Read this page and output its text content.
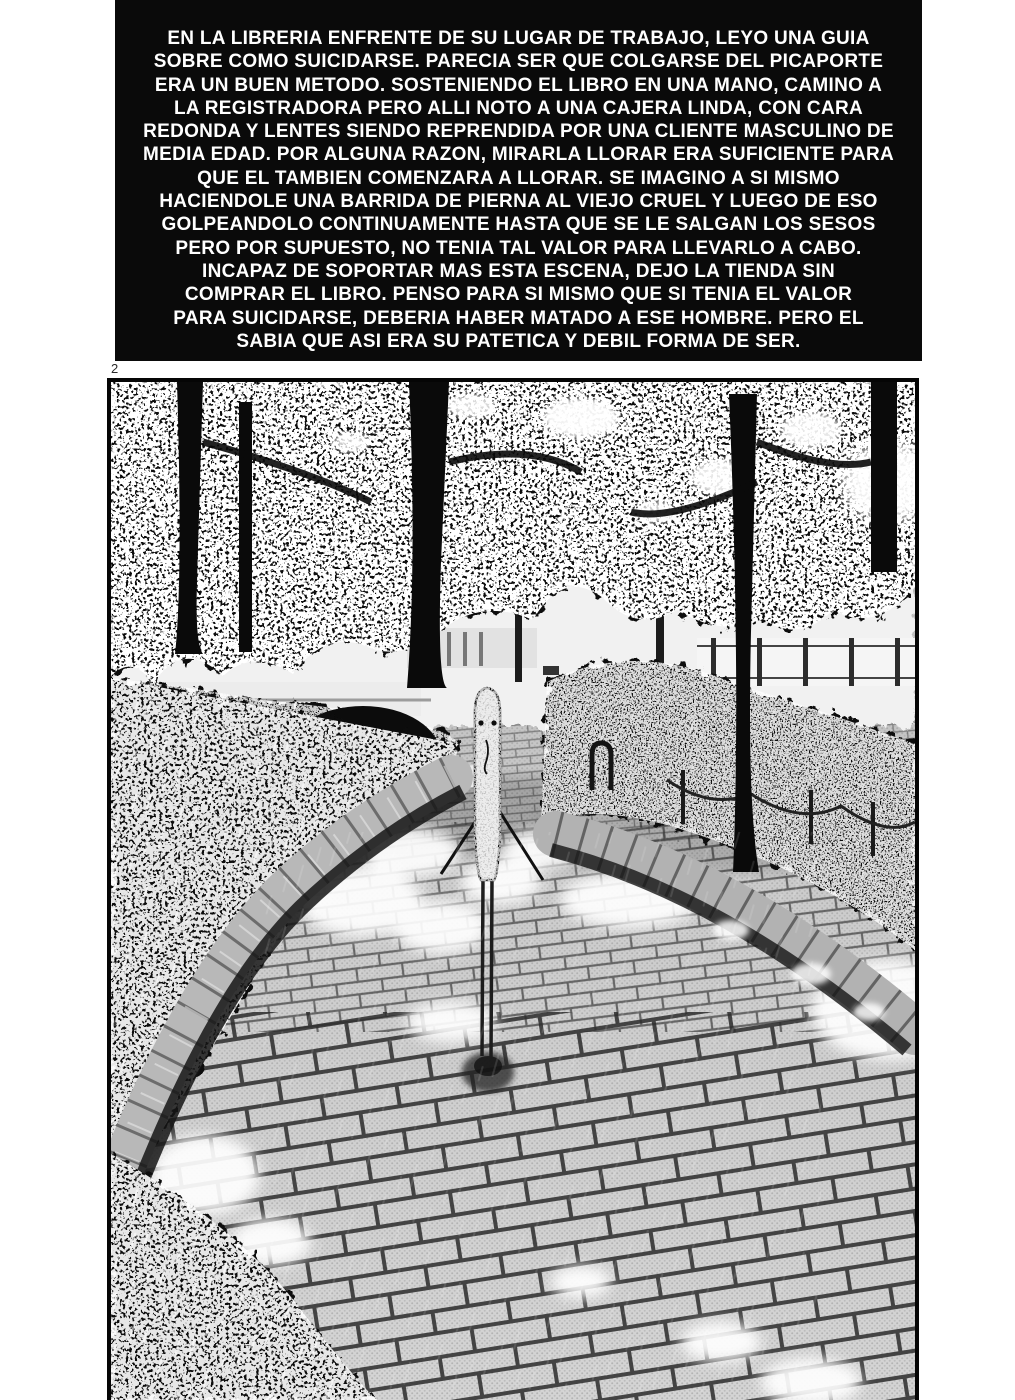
EN LA LIBRERIA ENFRENTE DE SU LUGAR DE TRABAJO, LEYO UNA GUIA
SOBRE COMO SUICIDARSE. PARECIA SER QUE COLGARSE DEL PICAPORTE
ERA UN BUEN METODO. SOSTENIENDO EL LIBRO EN UNA MANO, CAMINO A
LA REGISTRADORA PERO ALLI NOTO A UNA CAJERA LINDA, CON CARA
REDONDA Y LENTES SIENDO REPRENDIDA POR UNA CLIENTE MASCULINO DE
MEDIA EDAD. POR ALGUNA RAZON, MIRARLA LLORAR ERA SUFICIENTE PARA
QUE EL TAMBIEN COMENZARA A LLORAR. SE IMAGINO A SI MISMO
HACIENDOLE UNA BARRIDA DE PIERNA AL VIEJO CRUEL Y LUEGO DE ESO
GOLPEANDOLO CONTINUAMENTE HASTA QUE SE LE SALGAN LOS SESOS
PERO POR SUPUESTO, NO TENIA TAL VALOR PARA LLEVARLO A CABO.
INCAPAZ DE SOPORTAR MAS ESTA ESCENA, DEJO LA TIENDA SIN
COMPRAR EL LIBRO. PENSO PARA SI MISMO QUE SI TENIA EL VALOR
PARA SUICIDARSE, DEBERIA HABER MATADO A ESE HOMBRE. PERO EL
SABIA QUE ASI ERA SU PATETICA Y DEBIL FORMA DE SER.
2
